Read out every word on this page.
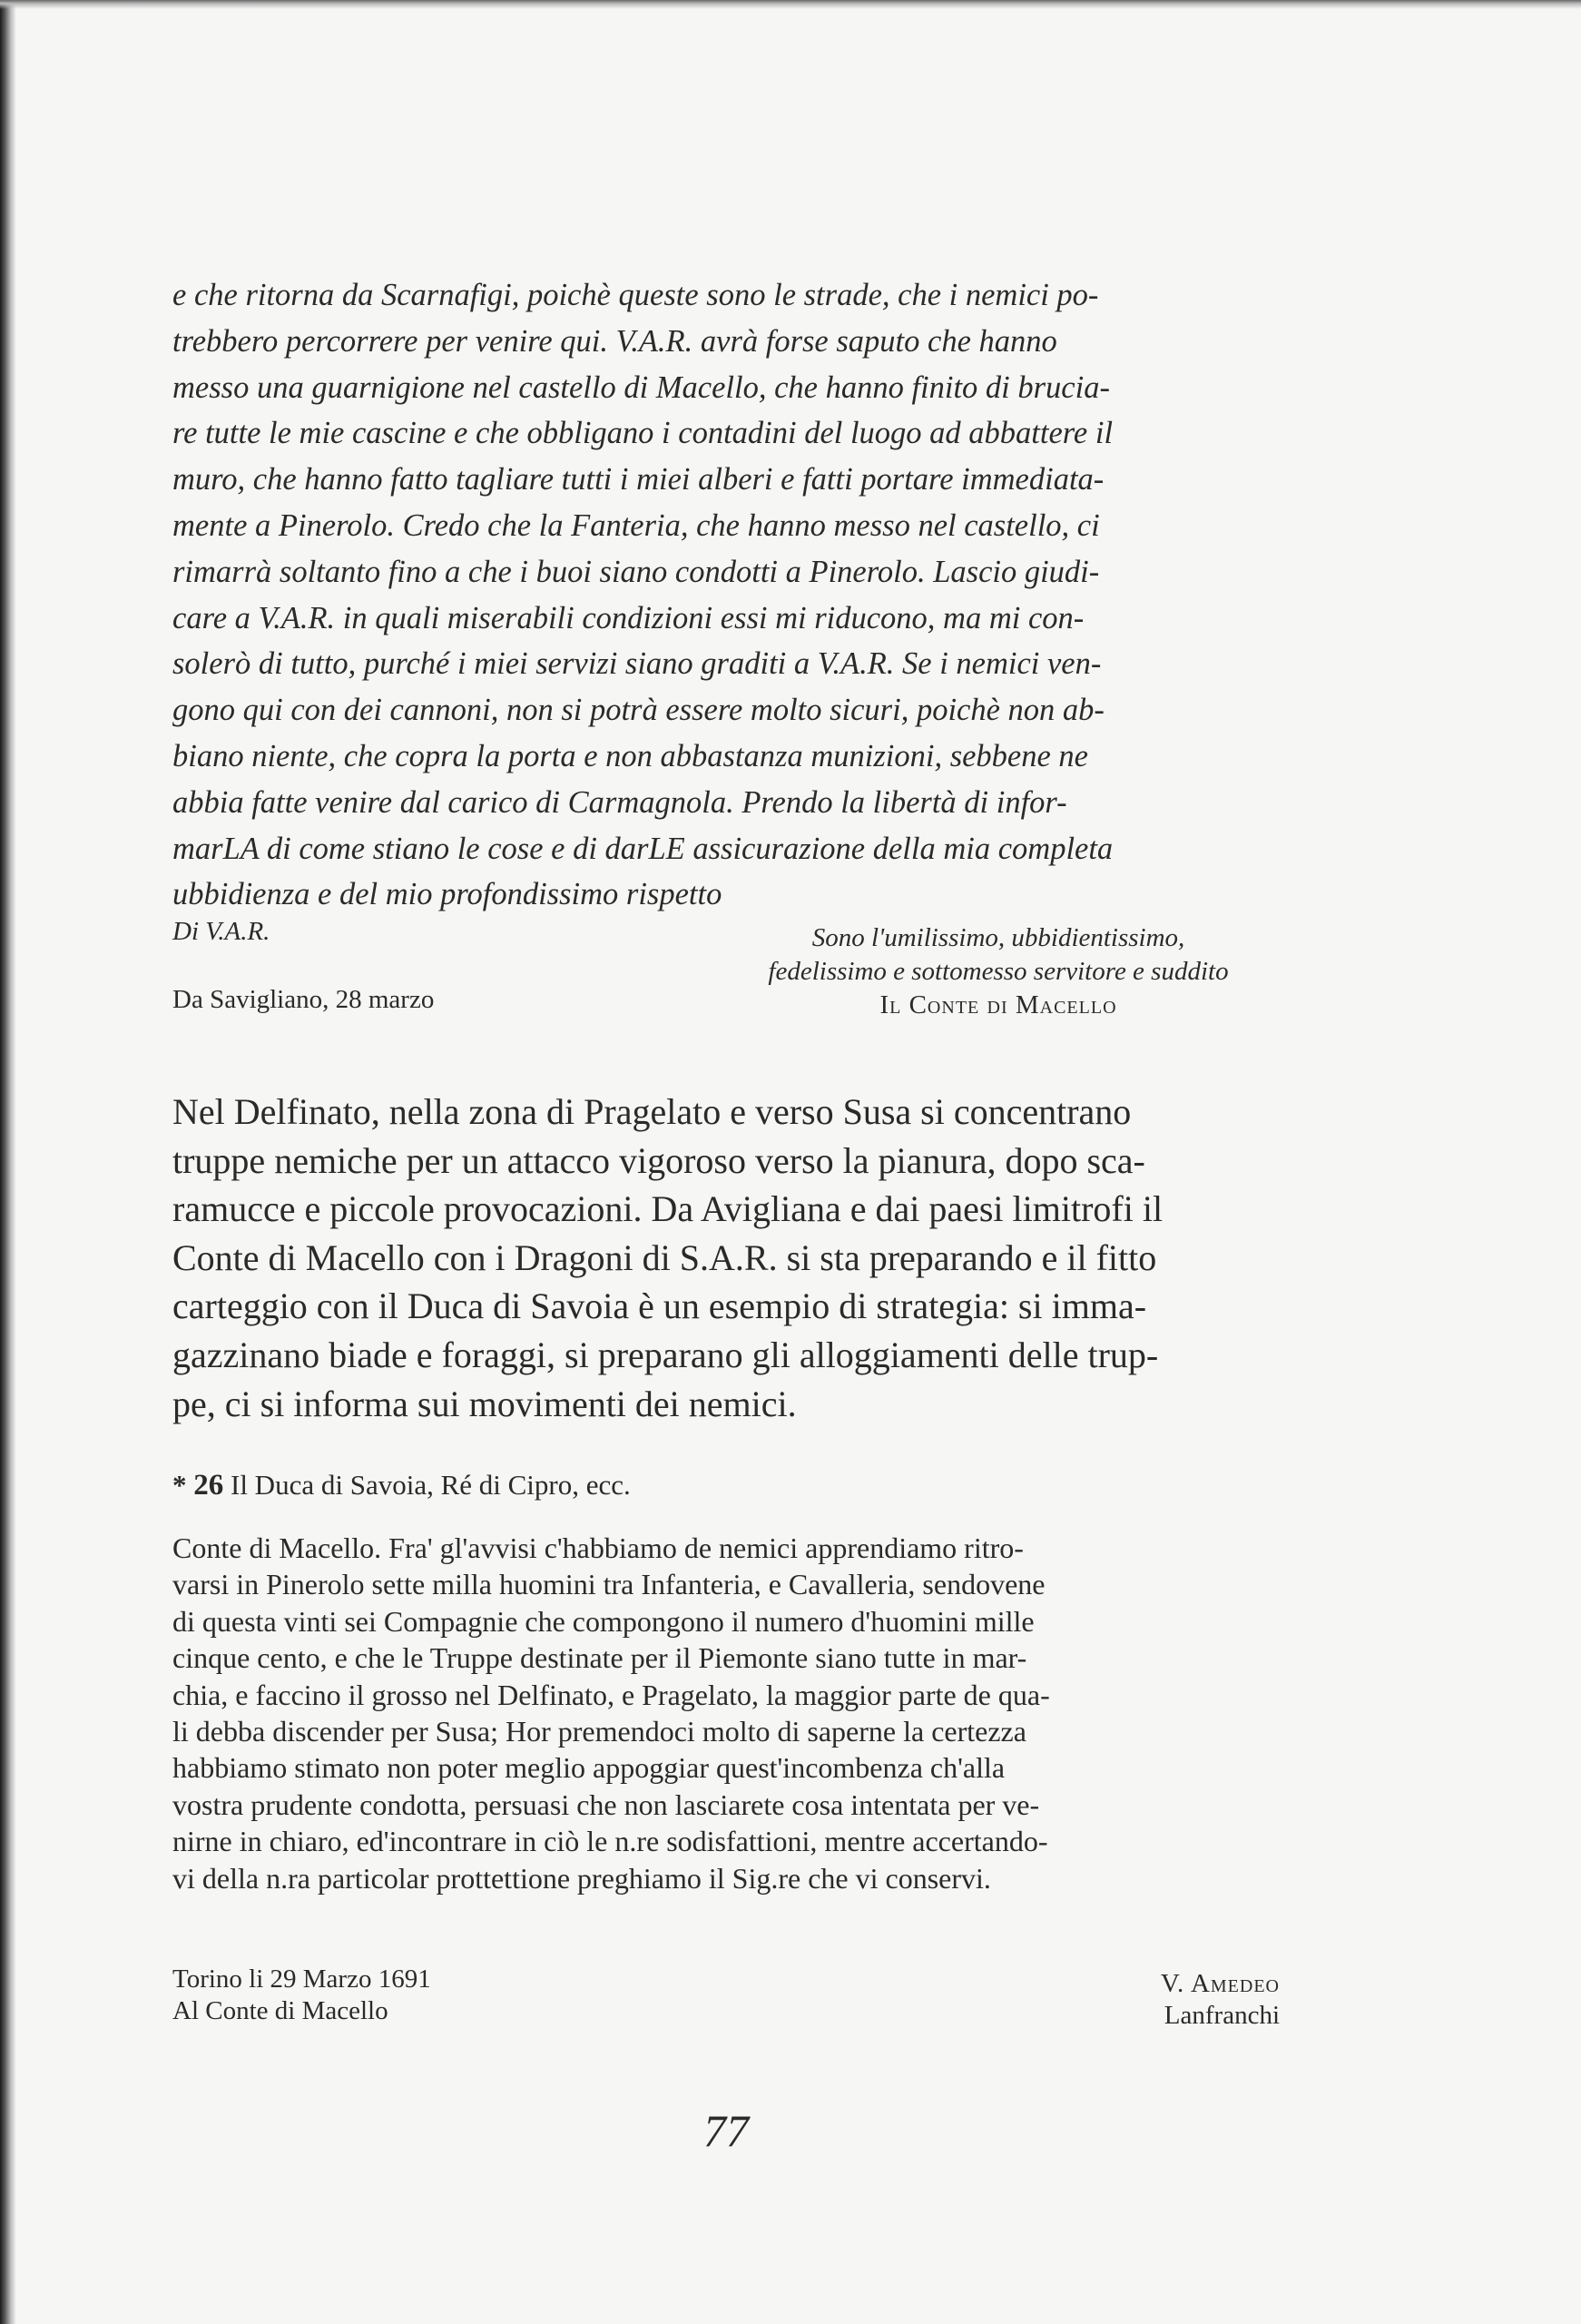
e che ritorna da Scarnafigi, poichè queste sono le strade, che i nemici po-
trebbero percorrere per venire qui. V.A.R. avrà forse saputo che hanno
messo una guarnigione nel castello di Macello, che hanno finito di brucia-
re tutte le mie cascine e che obbligano i contadini del luogo ad abbattere il
muro, che hanno fatto tagliare tutti i miei alberi e fatti portare immediata-
mente a Pinerolo. Credo che la Fanteria, che hanno messo nel castello, ci
rimarrà soltanto fino a che i buoi siano condotti a Pinerolo. Lascio giudi-
care a V.A.R. in quali miserabili condizioni essi mi riducono, ma mi con-
solerò di tutto, purché i miei servizi siano graditi a V.A.R. Se i nemici ven-
gono qui con dei cannoni, non si potrà essere molto sicuri, poichè non ab-
biano niente, che copra la porta e non abbastanza munizioni, sebbene ne
abbia fatte venire dal carico di Carmagnola. Prendo la libertà di infor-
marLA di come stiano le cose e di darLE assicurazione della mia completa
ubbidienza e del mio profondissimo rispetto
Di V.A.R.
Da Savigliano, 28 marzo
Sono l'umilissimo, ubbidientissimo,
fedelissimo e sottomesso servitore e suddito
Il Conte di Macello
Nel Delfinato, nella zona di Pragelato e verso Susa si concentrano
truppe nemiche per un attacco vigoroso verso la pianura, dopo sca-
ramucce e piccole provocazioni. Da Avigliana e dai paesi limitrofi il
Conte di Macello con i Dragoni di S.A.R. si sta preparando e il fitto
carteggio con il Duca di Savoia è un esempio di strategia: si imma-
gazzinano biade e foraggi, si preparano gli alloggiamenti delle trup-
pe, ci si informa sui movimenti dei nemici.
* 26 Il Duca di Savoia, Ré di Cipro, ecc.
Conte di Macello. Fra' gl'avvisi c'habbiamo de nemici apprendiamo ritro-
varsi in Pinerolo sette milla huomini tra Infanteria, e Cavalleria, sendovene
di questa vinti sei Compagnie che compongono il numero d'huomini mille
cinque cento, e che le Truppe destinate per il Piemonte siano tutte in mar-
chia, e faccino il grosso nel Delfinato, e Pragelato, la maggior parte de qua-
li debba discender per Susa; Hor premendoci molto di saperne la certezza
habbiamo stimato non poter meglio appoggiar quest'incombenza ch'alla
vostra prudente condotta, persuasi che non lasciarete cosa intentata per ve-
nirne in chiaro, ed'incontrare in ciò le n.re sodisfattioni, mentre accertando-
vi della n.ra particolar prottettione preghiamo il Sig.re che vi conservi.
Torino li 29 Marzo 1691
Al Conte di Macello
V. Amedeo
Lanfranchi
77
